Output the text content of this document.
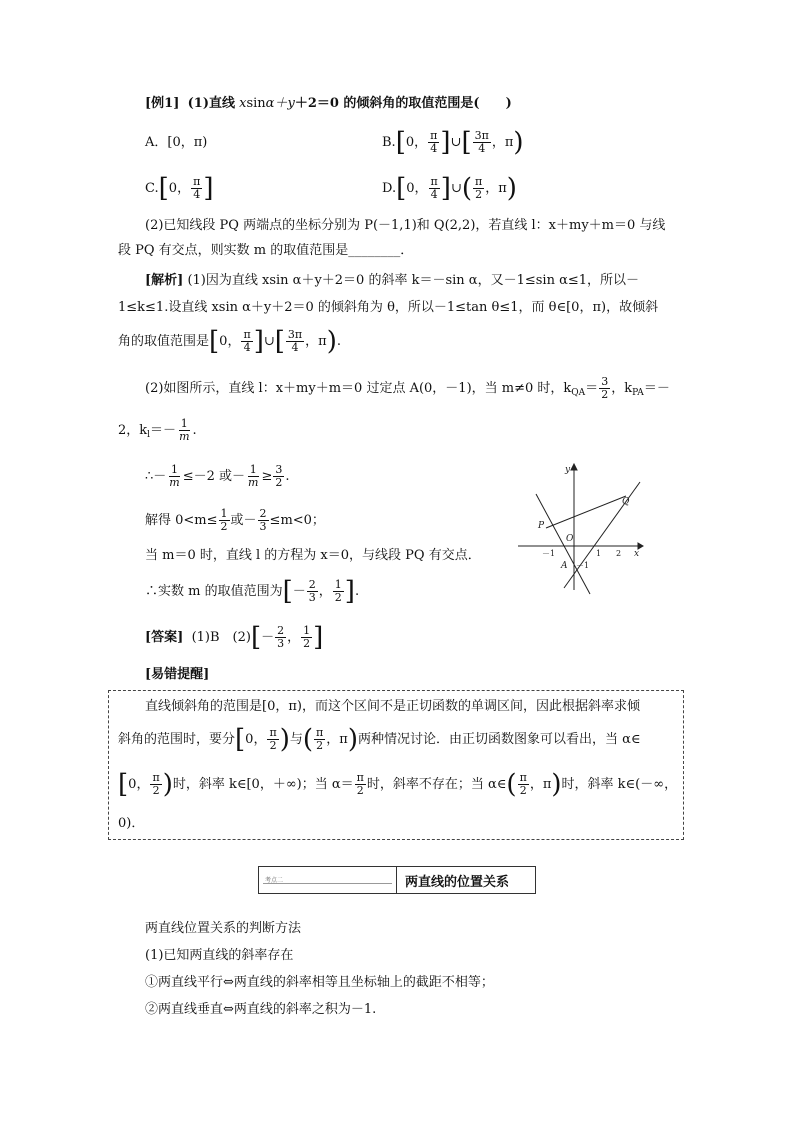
[例1] (1)直线 xsinα＋y＋2＝0 的倾斜角的取值范围是(　　)
A．[0，π)	B.[0， $\frac{\pi}{4}$ ]∪[ $\frac{3\pi}{4}$ ，π)
C.[0， $\frac{\pi}{4}$ ]	D.[0， $\frac{\pi}{4}$ ]∪( $\frac{\pi}{2}$ ，π)
(2)已知线段 PQ 两端点的坐标分别为 P(－1,1)和 Q(2,2)，若直线 l：x＋my＋m＝0 与线
段 PQ 有交点，则实数 m 的取值范围是________．
[解析] (1)因为直线 xsin α＋y＋2＝0 的斜率 k＝－sin α，又－1≤sin α≤1，所以－
1≤k≤1.设直线 xsin α＋y＋2＝0 的倾斜角为 θ，所以－1≤tan θ≤1，而 θ∈[0，π)，故倾斜
角的取值范围是[0， $\frac{\pi}{4}$ ]∪[ $\frac{3\pi}{4}$ ，π).
(2)如图所示，直线 l：x＋my＋m＝0 过定点 A(0，－1)，当 m≠0 时，$k_{QA}= \frac{3}{2}$ ，$k_{PA}=-$
2，$k_l=- \frac{1}{m}$ .
∴－ $\frac{1}{m} \le-2$ 或－ $\frac{1}{m} \ge \frac{3}{2}$ .
解得 $0<m\le \frac{1}{2}$ 或－ $\frac{2}{3} \le m<0$；
当 m＝0 时，直线 l 的方程为 x＝0，与线段 PQ 有交点．
∴实数 m 的取值范围为[－ $\frac{2}{3}$ ， $\frac{1}{2}$ ].
y
x
P
Q
O
A
－1	1 2
－1
[答案] (1)B　$(2)[- \frac{2}{3}$ ， $\frac{1}{2}$ ]
[易错提醒]
直线倾斜角的范围是[0，π)，而这个区间不是正切函数的单调区间，因此根据斜率求倾
斜角的范围时，要分[0， $\frac{\pi}{2}$ )与( $\frac{\pi}{2}$ ，π)两种情况讨论．由正切函数图象可以看出，当 α∈
[0， $\frac{\pi}{2}$ )时，斜率 k∈[0，＋∞)；当 $\alpha= \frac{\pi}{2}$ 时，斜率不存在；当 α∈( $\frac{\pi}{2}$ ，π)时，斜率 k∈(－∞，
0)．
考点二	两直线的位置关系
两直线位置关系的判断方法
(1)已知两直线的斜率存在
①两直线平行⇔两直线的斜率相等且坐标轴上的截距不相等；
②两直线垂直⇔两直线的斜率之积为－1.
